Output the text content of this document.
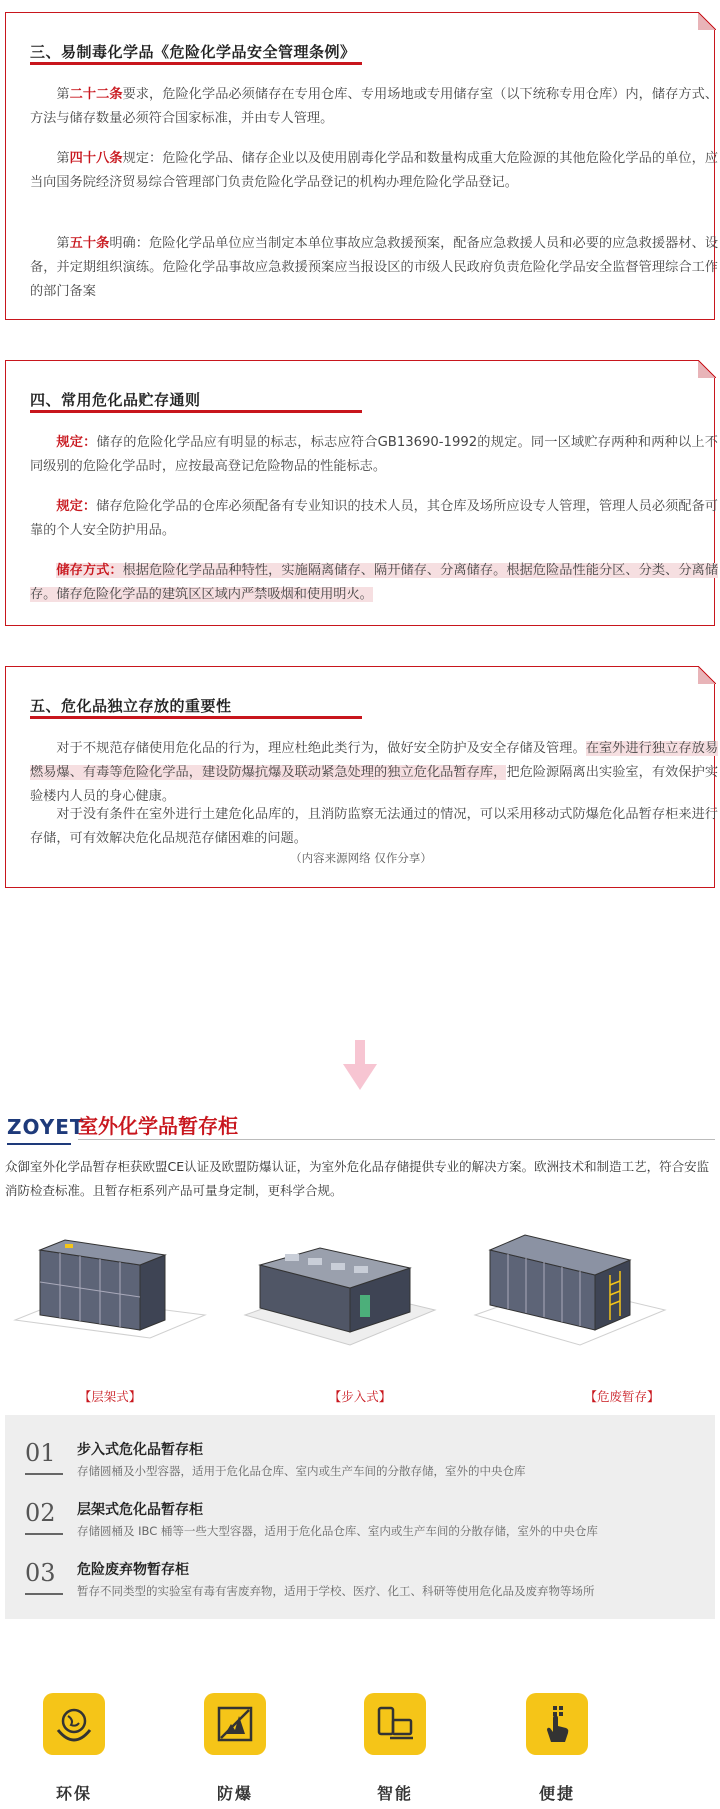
三、易制毒化学品《危险化学品安全管理条例》

第二十二条要求，危险化学品必须储存在专用仓库、专用场地或专用储存室（以下统称专用仓库）内，储存方式、方法与储存数量必须符合国家标准，并由专人管理。

第四十八条规定：危险化学品、储存企业以及使用剧毒化学品和数量构成重大危险源的其他危险化学品的单位，应当向国务院经济贸易综合管理部门负责危险化学品登记的机构办理危险化学品登记。

第五十条明确：危险化学品单位应当制定本单位事故应急救援预案，配备应急救援人员和必要的应急救援器材、设备，并定期组织演练。危险化学品事故应急救援预案应当报设区的市级人民政府负责危险化学品安全监督管理综合工作的部门备案

四、常用危化品贮存通则

规定：储存的危险化学品应有明显的标志，标志应符合GB13690-1992的规定。同一区域贮存两种和两种以上不同级别的危险化学品时，应按最高登记危险物品的性能标志。

规定：储存危险化学品的仓库必须配备有专业知识的技术人员，其仓库及场所应设专人管理，管理人员必须配备可靠的个人安全防护用品。

储存方式：根据危险化学品品种特性，实施隔离储存、隔开储存、分离储存。根据危险品性能分区、分类、分离储存。储存危险化学品的建筑区区域内严禁吸烟和使用明火。

五、危化品独立存放的重要性

对于不规范存储使用危化品的行为，理应杜绝此类行为，做好安全防护及安全存储及管理。在室外进行独立存放易燃易爆、有毒等危险化学品，建设防爆抗爆及联动紧急处理的独立危化品暂存库，把危险源隔离出实验室，有效保护实验楼内人员的身心健康。

对于没有条件在室外进行土建危化品库的，且消防监察无法通过的情况，可以采用移动式防爆危化品暂存柜来进行存储，可有效解决危化品规范存储困难的问题。

（内容来源网络 仅作分享）
ZOYET
室外化学品暂存柜

众御室外化学品暂存柜获欧盟CE认证及欧盟防爆认证，为室外危化品存储提供专业的解决方案。欧洲技术和制造工艺，符合安监消防检查标准。且暂存柜系列产品可量身定制，更科学合规。

【层架式】	【步入式】	【危废暂存】
01 步入式危化品暂存柜
存储圆桶及小型容器，适用于危化品仓库、室内或生产车间的分散存储，室外的中央仓库
02 层架式危化品暂存柜
存储圆桶及 IBC 桶等一些大型容器，适用于危化品仓库、室内或生产车间的分散存储，室外的中央仓库
03 危险废弃物暂存柜
暂存不同类型的实验室有毒有害废弃物，适用于学校、医疗、化工、科研等使用危化品及废弃物等场所
环保	防爆	智能	便捷
